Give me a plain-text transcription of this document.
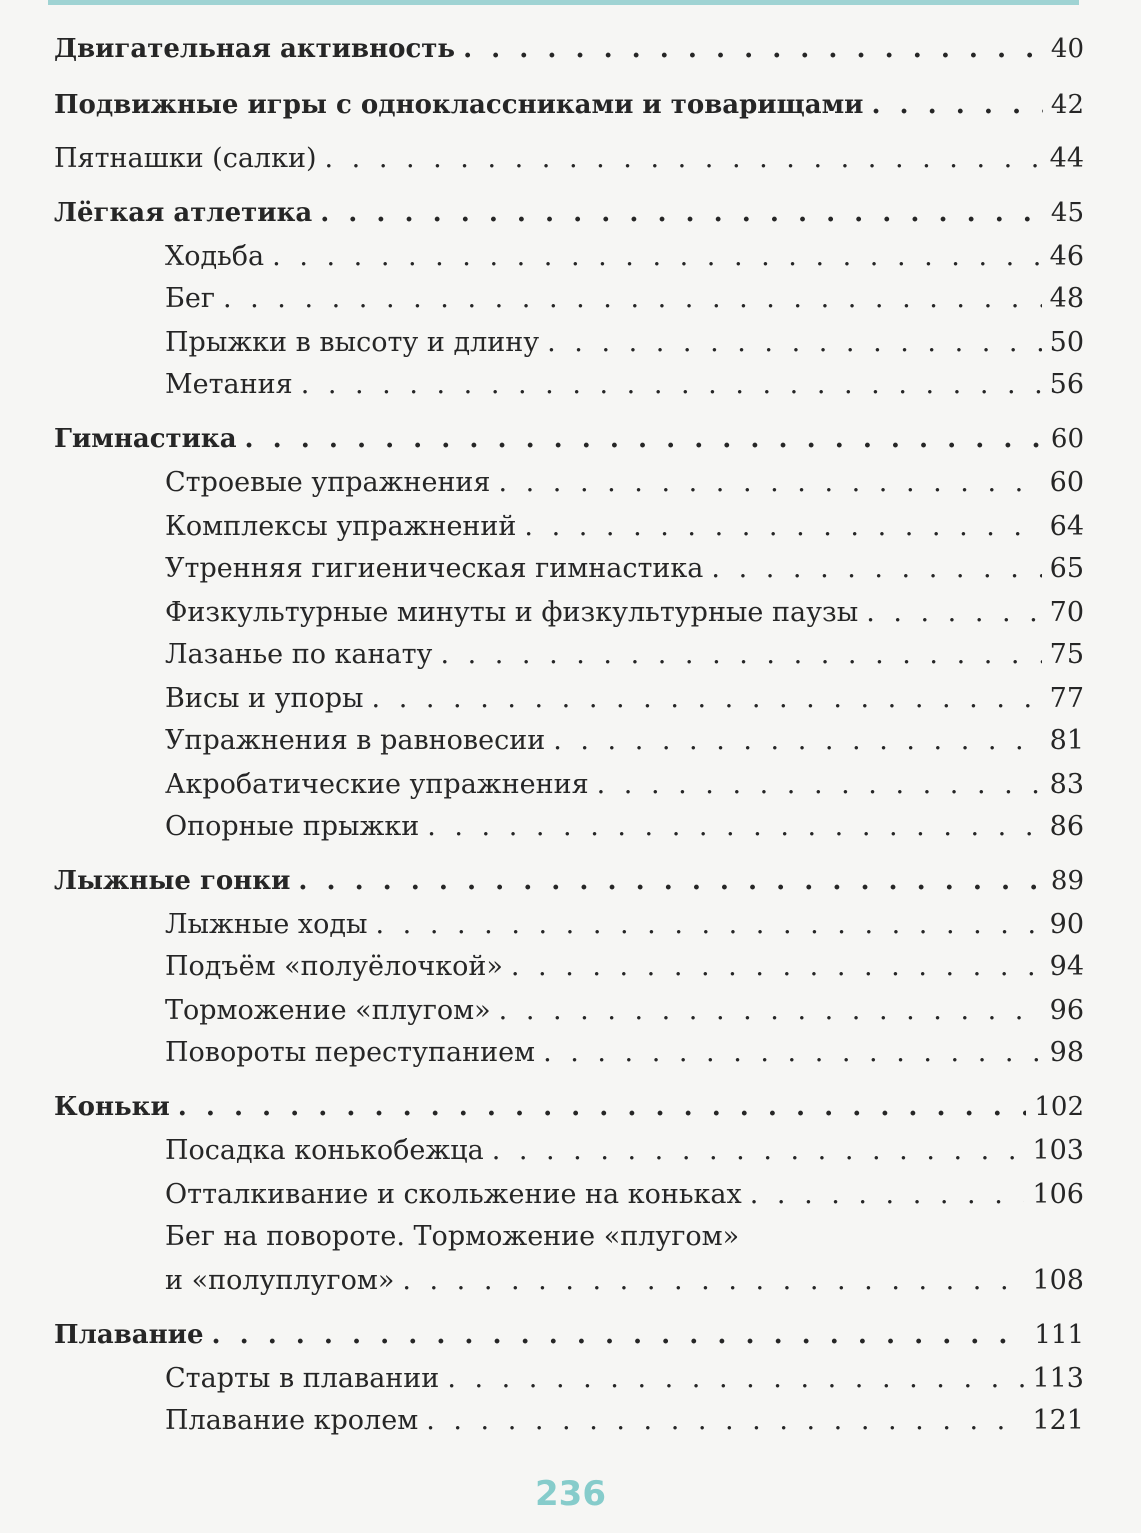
Двигательная активность . . .	40
Подвижные игры с одноклассниками и товарищами . . .	42
Пятнашки (салки) . . .	44
Лёгкая атлетика . . .	45
Ходьба . . .	46
Бег . . .	48
Прыжки в высоту и длину . . .	50
Метания . . .	56
Гимнастика . . .	60
Строевые упражнения . . .	60
Комплексы упражнений . . .	64
Утренняя гигиеническая гимнастика . . .	65
Физкультурные минуты и физкультурные паузы . . .	70
Лазанье по канату . . .	75
Висы и упоры . . .	77
Упражнения в равновесии . . .	81
Акробатические упражнения . . .	83
Опорные прыжки . . .	86
Лыжные гонки . . .	89
Лыжные ходы . . .	90
Подъём «полуёлочкой» . . .	94
Торможение «плугом» . . .	96
Повороты переступанием . . .	98
Коньки . . .	102
Посадка конькобежца . . .	103
Отталкивание и скольжение на коньках . . .	106
Бег на повороте. Торможение «плугом»
и «полуплугом» . . .	108
Плавание . . .	111
Старты в плавании . . .	113
Плавание кролем . . .	121
236
